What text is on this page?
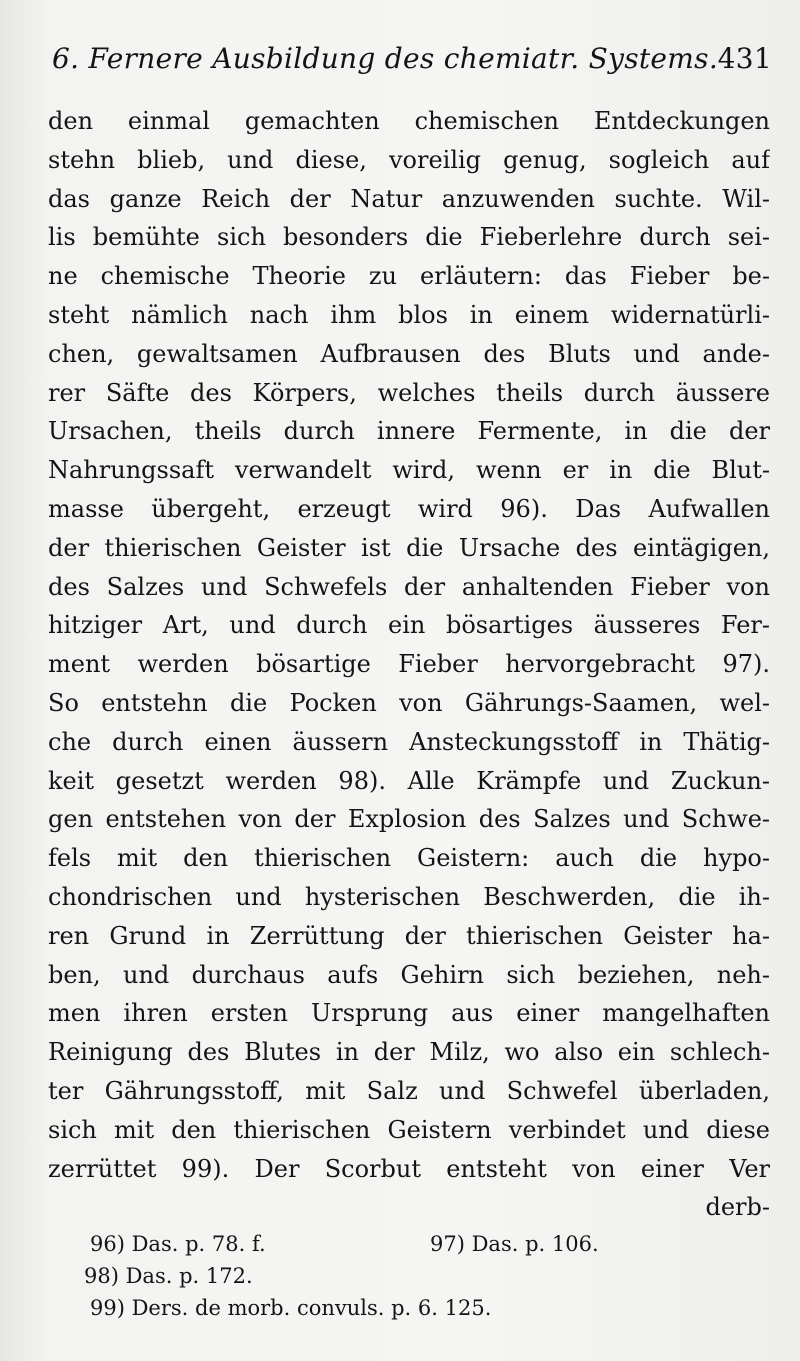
6. Fernere Ausbildung des chemiatr. Systems. 431
den einmal gemachten chemischen Entdeckungen
stehn blieb, und diese, voreilig genug, sogleich auf
das ganze Reich der Natur anzuwenden suchte. Wil-
lis bemühte sich besonders die Fieberlehre durch sei-
ne chemische Theorie zu erläutern: das Fieber be-
steht nämlich nach ihm blos in einem widernatürli-
chen, gewaltsamen Aufbrausen des Bluts und ande-
rer Säfte des Körpers, welches theils durch äussere
Ursachen, theils durch innere Fermente, in die der
Nahrungssaft verwandelt wird, wenn er in die Blut-
masse übergeht, erzeugt wird 96). Das Aufwallen
der thierischen Geister ist die Ursache des eintägigen,
des Salzes und Schwefels der anhaltenden Fieber von
hitziger Art, und durch ein bösartiges äusseres Fer-
ment werden bösartige Fieber hervorgebracht 97).
So entstehn die Pocken von Gährungs-Saamen, wel-
che durch einen äussern Ansteckungsstoff in Thätig-
keit gesetzt werden 98). Alle Krämpfe und Zuckun-
gen entstehen von der Explosion des Salzes und Schwe-
fels mit den thierischen Geistern: auch die hypo-
chondrischen und hysterischen Beschwerden, die ih-
ren Grund in Zerrüttung der thierischen Geister ha-
ben, und durchaus aufs Gehirn sich beziehen, neh-
men ihren ersten Ursprung aus einer mangelhaften
Reinigung des Blutes in der Milz, wo also ein schlech-
ter Gährungsstoff, mit Salz und Schwefel überladen,
sich mit den thierischen Geistern verbindet und diese
zerrüttet 99). Der Scorbut entsteht von einer Ver
derb-
96) Das. p. 78. f.	97) Das. p. 106.
98) Das. p. 172.
99) Ders. de morb. convuls. p. 6. 125.
